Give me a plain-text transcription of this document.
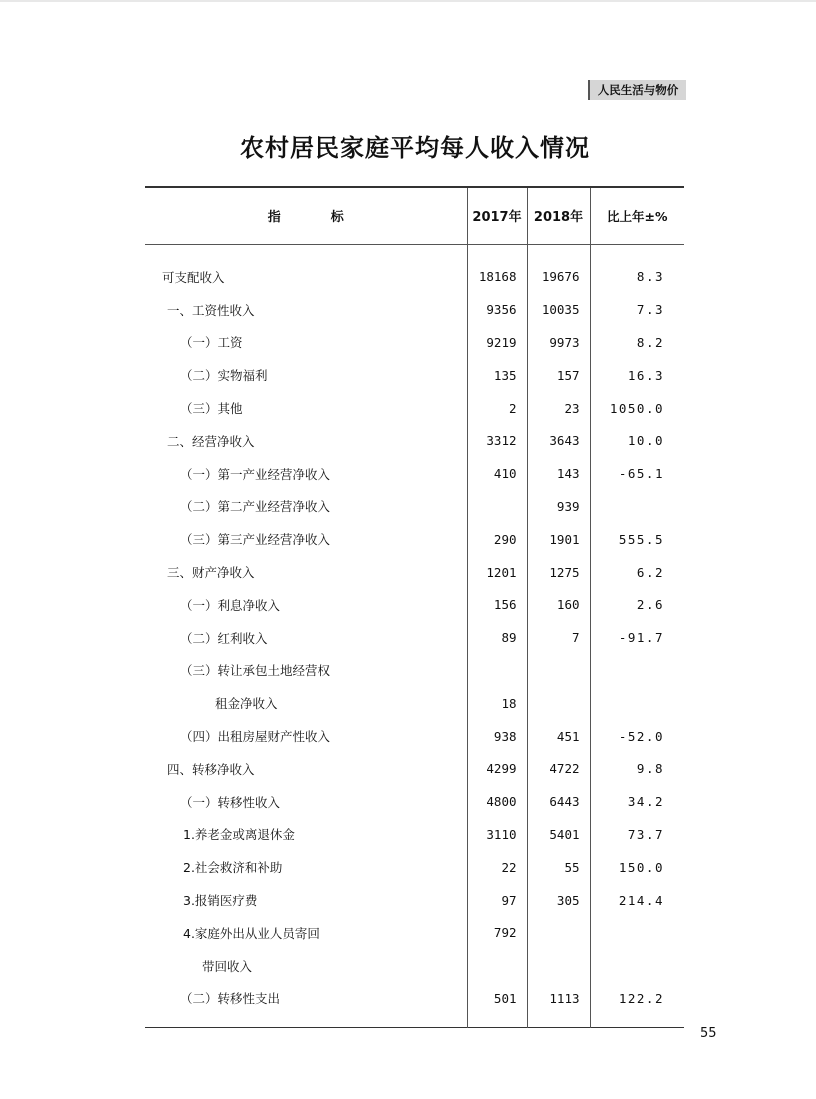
人民生活与物价
农村居民家庭平均每人收入情况
指 标	2017年	2018年	比上年±%
可支配收入	18168	19676	8.3
一、工资性收入	9356	10035	7.3
（一）工资	9219	9973	8.2
（二）实物福利	135	157	16.3
（三）其他	2	23	1050.0
二、经营净收入	3312	3643	10.0
（一）第一产业经营净收入	410	143	-65.1
（二）第二产业经营净收入		939	
（三）第三产业经营净收入	290	1901	555.5
三、财产净收入	1201	1275	6.2
（一）利息净收入	156	160	2.6
（二）红利收入	89	7	-91.7
（三）转让承包土地经营权			
租金净收入	18		
（四）出租房屋财产性收入	938	451	-52.0
四、转移净收入	4299	4722	9.8
（一）转移性收入	4800	6443	34.2
1.养老金或离退休金	3110	5401	73.7
2.社会救济和补助	22	55	150.0
3.报销医疗费	97	305	214.4
4.家庭外出从业人员寄回	792		
带回收入			
（二）转移性支出	501	1113	122.2
55
